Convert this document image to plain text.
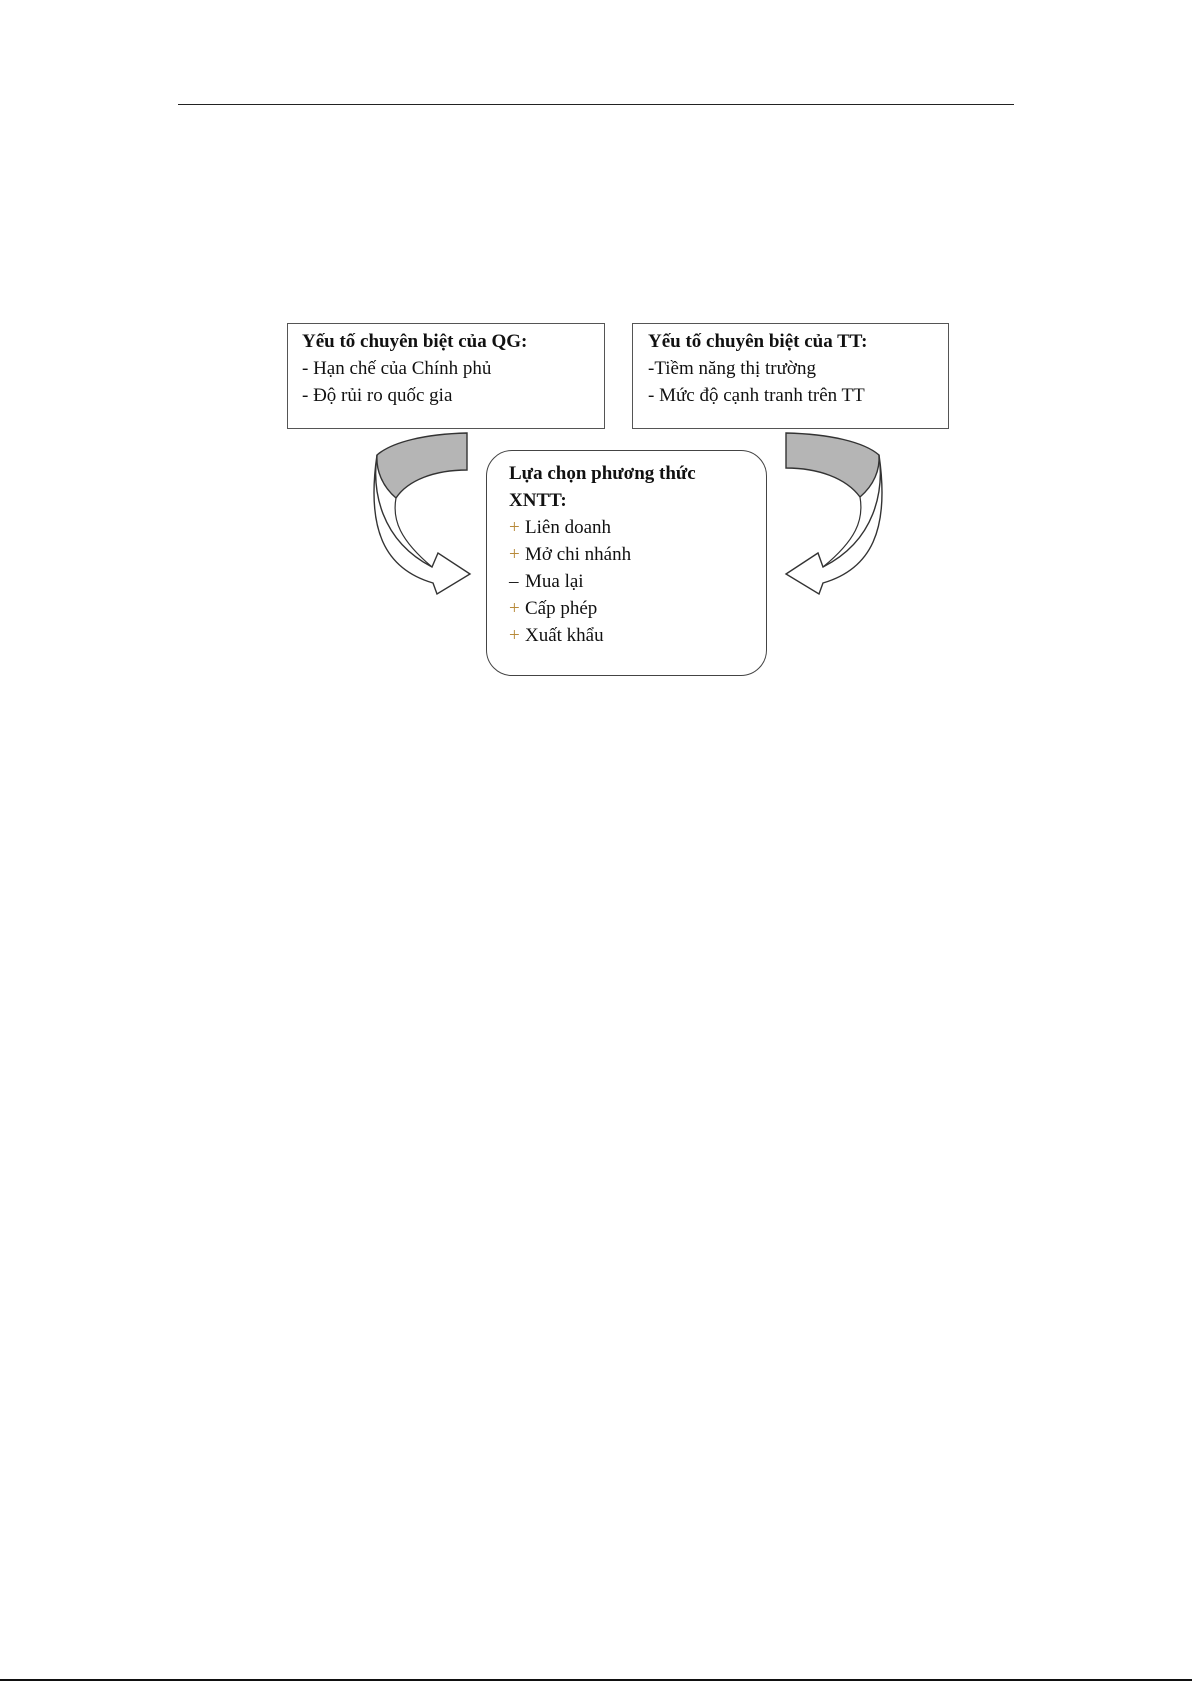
Yếu tố chuyên biệt của QG:
- Hạn chế của Chính phủ
- Độ rủi ro quốc gia
Yếu tố chuyên biệt của TT:
-Tiềm năng thị trường
- Mức độ cạnh tranh trên TT
Lựa chọn phương thức
XNTT:
+ Liên doanh
+ Mở chi nhánh
– Mua lại
+ Cấp phép
+ Xuất khẩu
